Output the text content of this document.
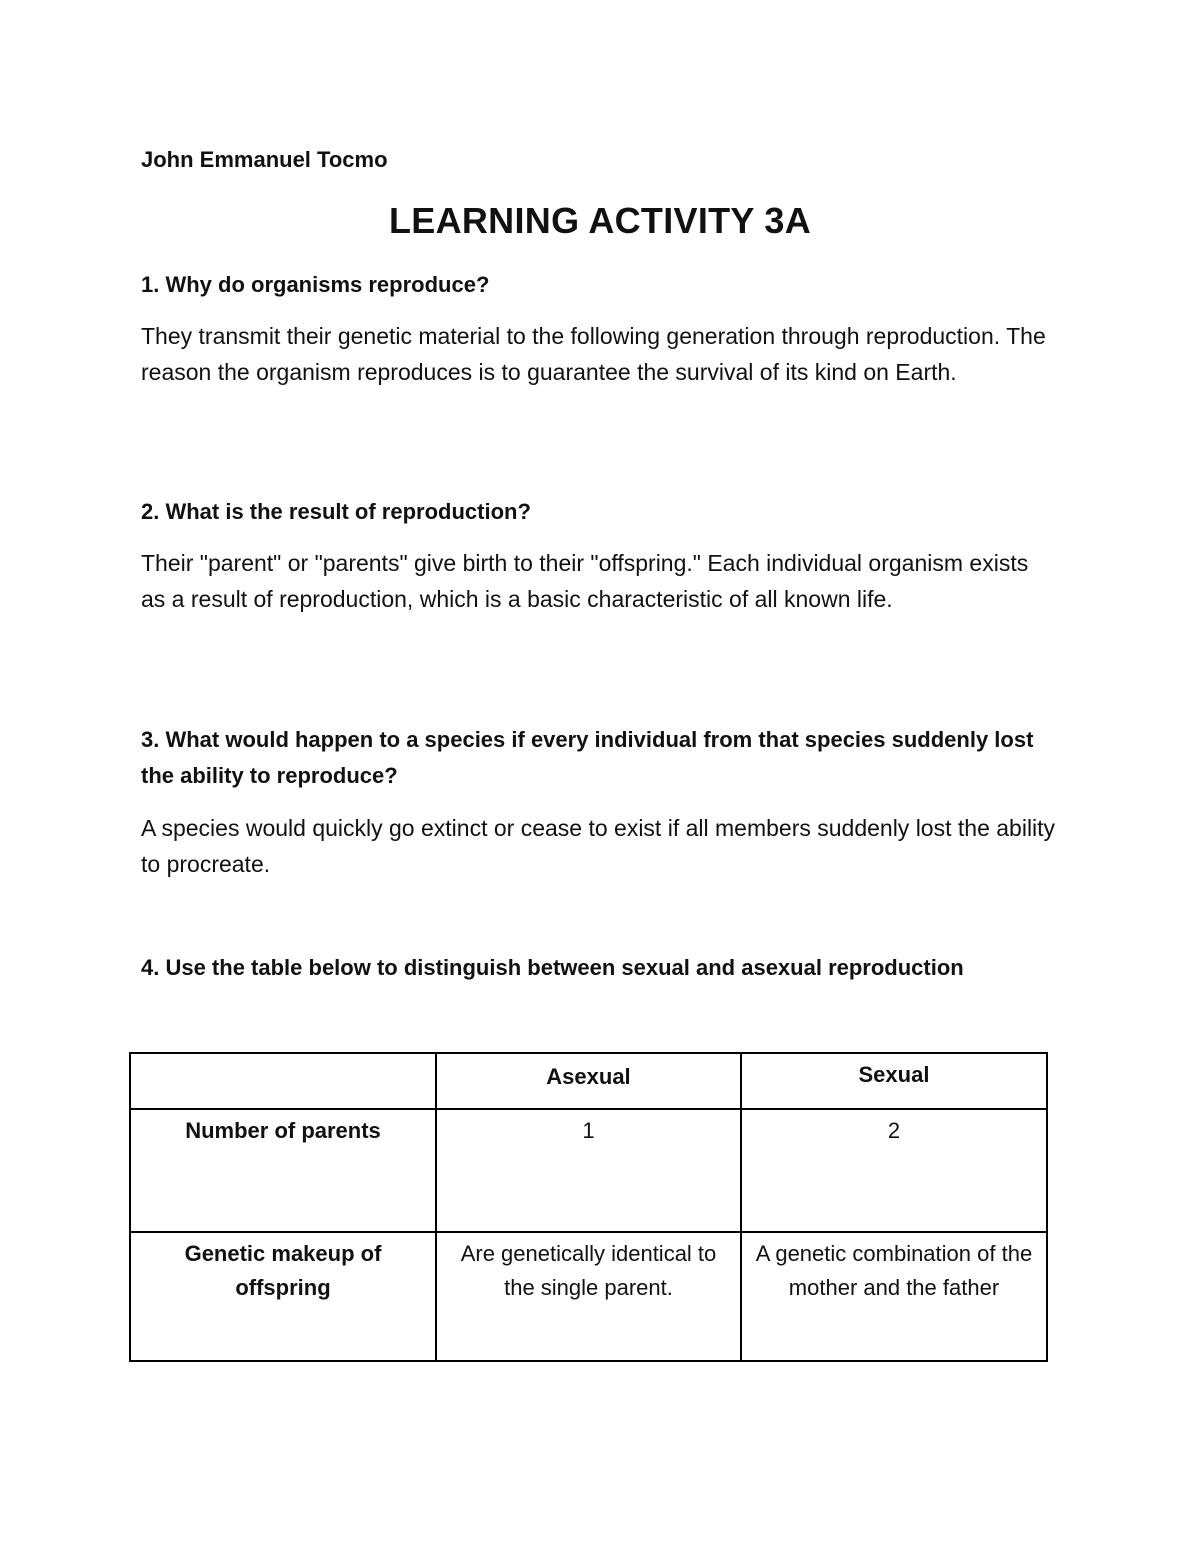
John Emmanuel Tocmo
LEARNING ACTIVITY 3A
1. Why do organisms reproduce?
They transmit their genetic material to the following generation through reproduction. The reason the organism reproduces is to guarantee the survival of its kind on Earth.
2. What is the result of reproduction?
Their "parent" or "parents" give birth to their "offspring." Each individual organism exists as a result of reproduction, which is a basic characteristic of all known life.
3. What would happen to a species if every individual from that species suddenly lost the ability to reproduce?
A species would quickly go extinct or cease to exist if all members suddenly lost the ability to procreate.
4. Use the table below to distinguish between sexual and asexual reproduction
	Asexual	Sexual
Number of parents	1	2
Genetic makeup of offspring	Are genetically identical to the single parent.	A genetic combination of the mother and the father
